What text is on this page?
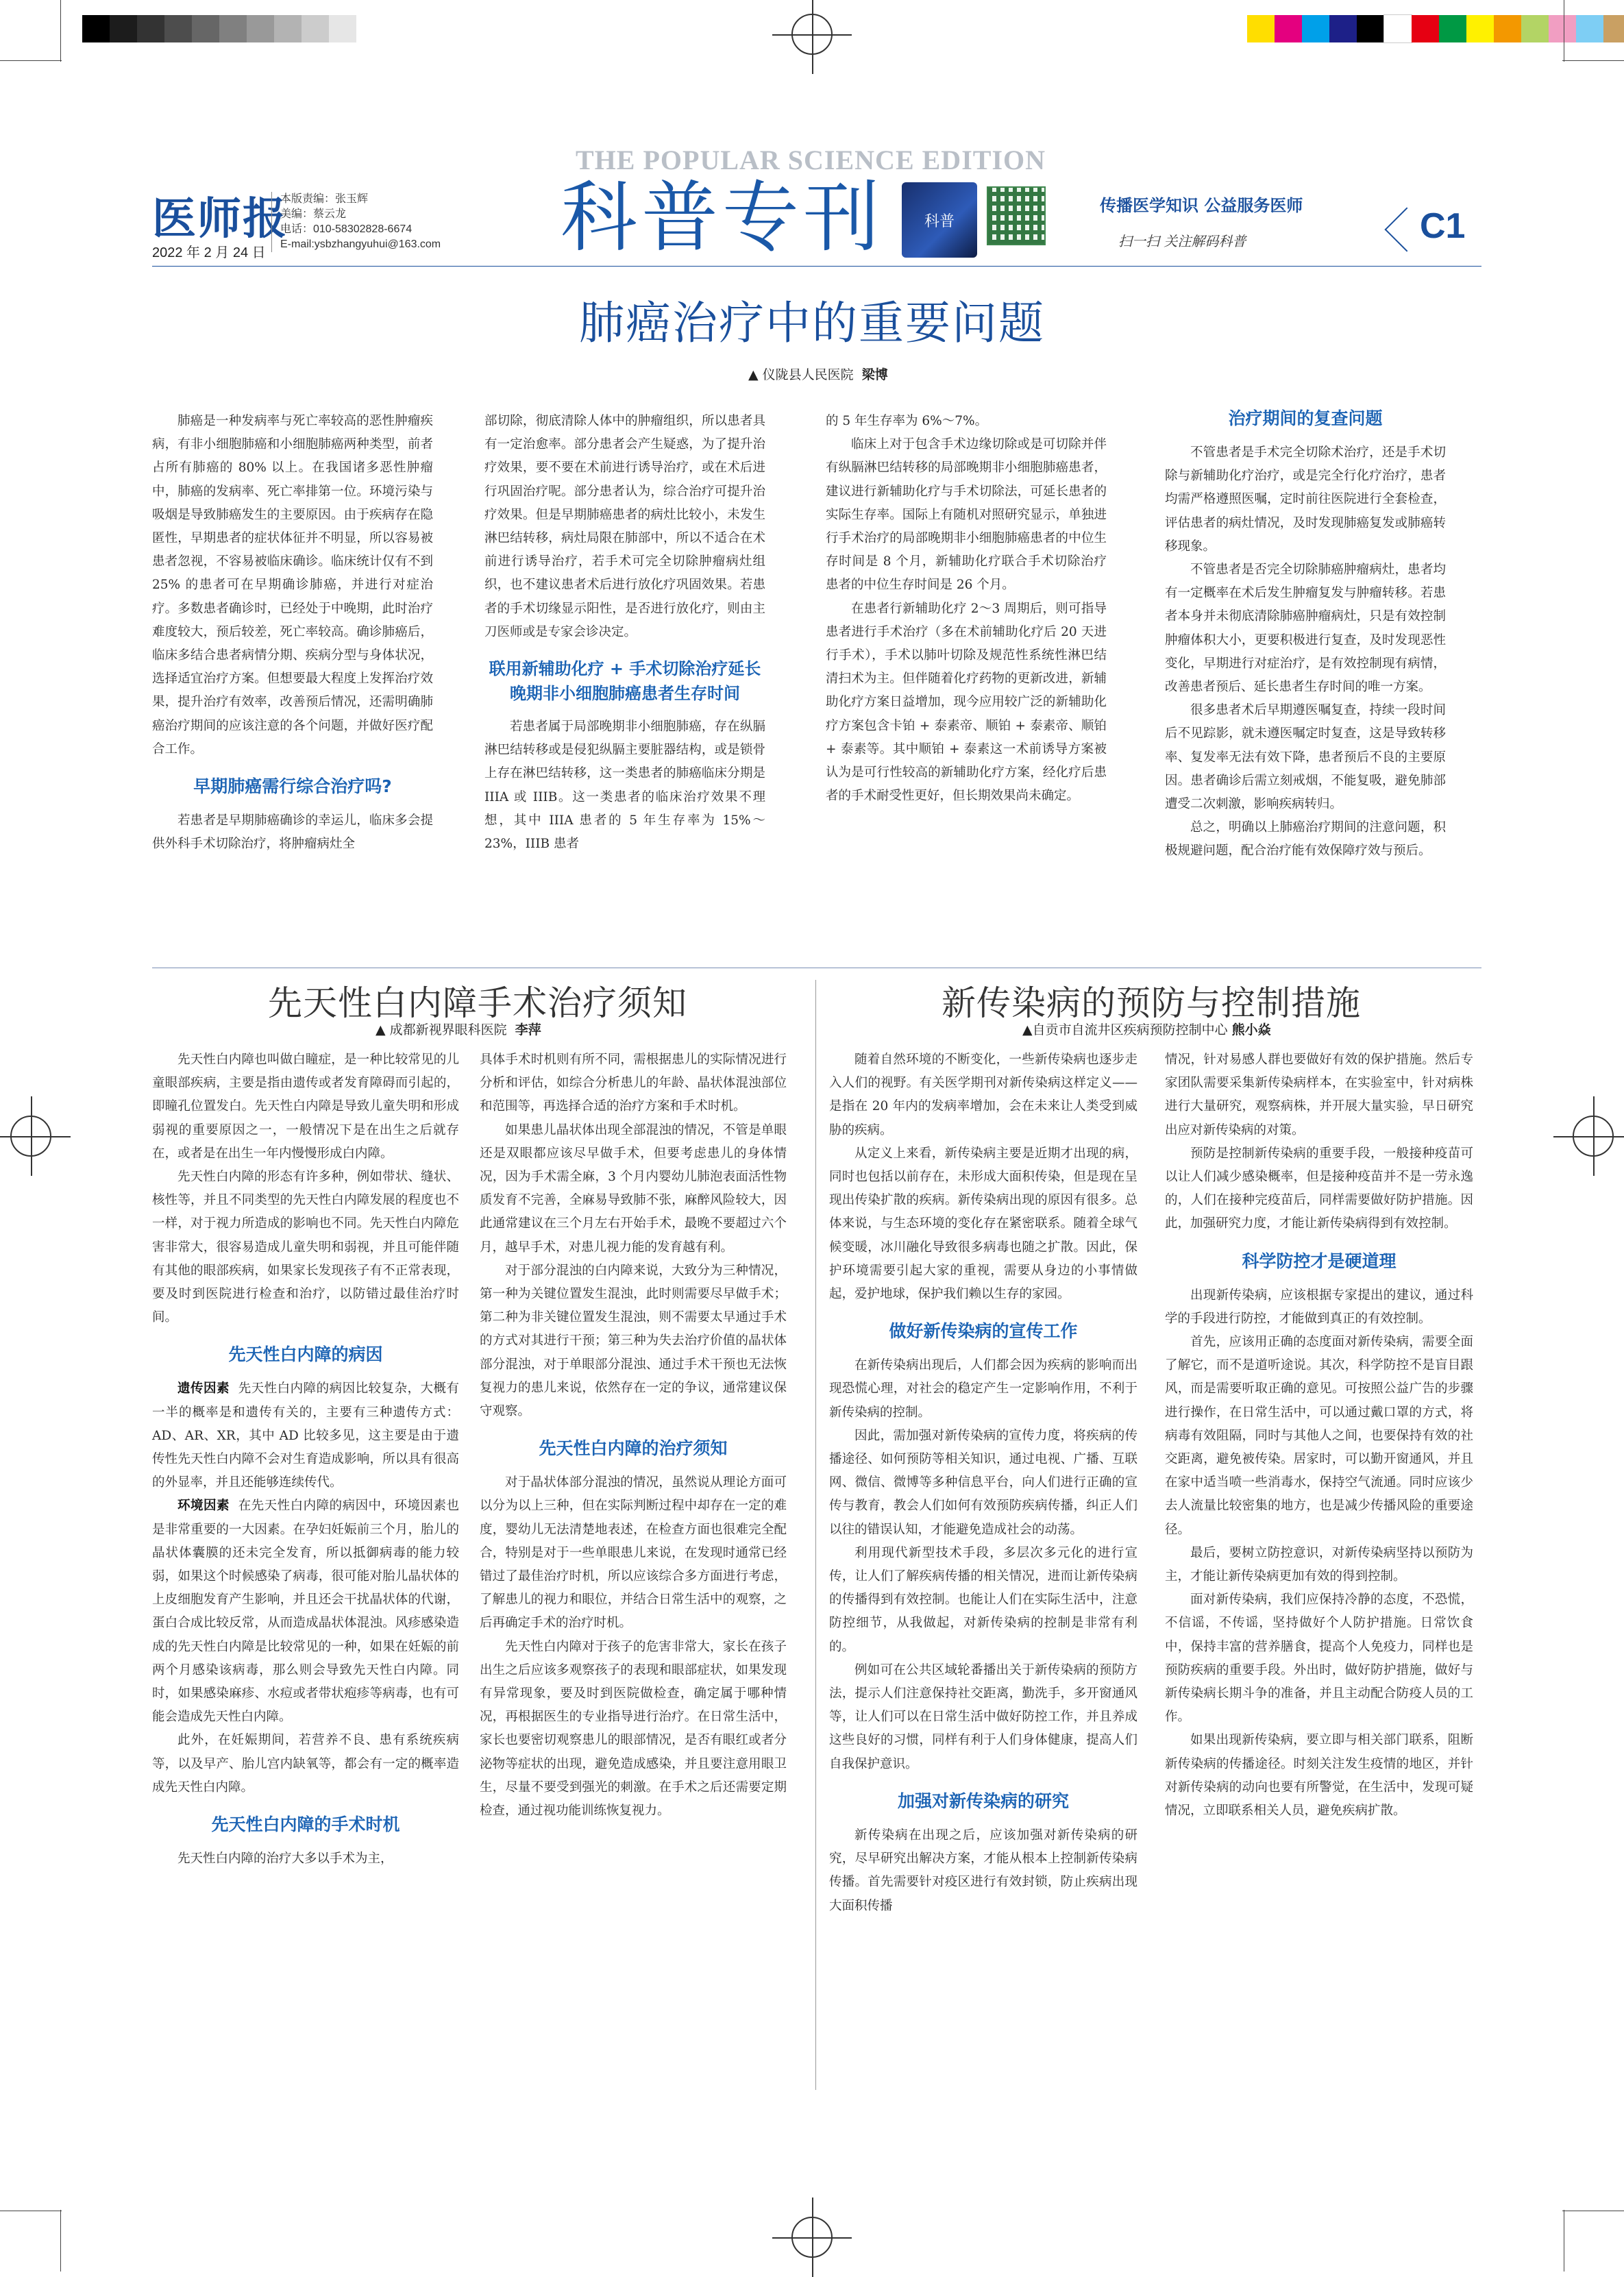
医师报
2022 年 2 月 24 日
本版责编：张玉辉
美编：蔡云龙
电话：010-58302828-6674
E-mail:ysbzhangyuhui@163.com
THE POPULAR SCIENCE EDITION
科普专刊	科普
传播医学知识 公益服务医师
扫一扫 关注解码科普	C1
肺癌治疗中的重要问题
▲ 仪陇县人民医院 梁博

肺癌是一种发病率与死亡率较高的恶性肿瘤疾病，有非小细胞肺癌和小细胞肺癌两种类型，前者占所有肺癌的 80% 以上。在我国诸多恶性肿瘤中，肺癌的发病率、死亡率排第一位。环境污染与吸烟是导致肺癌发生的主要原因。由于疾病存在隐匿性，早期患者的症状体征并不明显，所以容易被患者忽视，不容易被临床确诊。临床统计仅有不到 25% 的患者可在早期确诊肺癌，并进行对症治疗。多数患者确诊时，已经处于中晚期，此时治疗难度较大，预后较差，死亡率较高。确诊肺癌后，临床多结合患者病情分期、疾病分型与身体状况，选择适宜治疗方案。但想要最大程度上发挥治疗效果，提升治疗有效率，改善预后情况，还需明确肺癌治疗期间的应该注意的各个问题，并做好医疗配合工作。

早期肺癌需行综合治疗吗?

若患者是早期肺癌确诊的幸运儿，临床多会提供外科手术切除治疗，将肿瘤病灶全

部切除，彻底清除人体中的肿瘤组织，所以患者具有一定治愈率。部分患者会产生疑惑，为了提升治疗效果，要不要在术前进行诱导治疗，或在术后进行巩固治疗呢。部分患者认为，综合治疗可提升治疗效果。但是早期肺癌患者的病灶比较小，未发生淋巴结转移，病灶局限在肺部中，所以不适合在术前进行诱导治疗，若手术可完全切除肿瘤病灶组织，也不建议患者术后进行放化疗巩固效果。若患者的手术切缘显示阳性，是否进行放化疗，则由主刀医师或是专家会诊决定。

联用新辅助化疗 + 手术切除治疗延长晚期非小细胞肺癌患者生存时间

若患者属于局部晚期非小细胞肺癌，存在纵膈淋巴结转移或是侵犯纵膈主要脏器结构，或是锁骨上存在淋巴结转移，这一类患者的肺癌临床分期是 IIIA 或 IIIB。这一类患者的临床治疗效果不理想，其中 IIIA 患者的 5 年生存率为 15%～23%，IIIB 患者

的 5 年生存率为 6%～7%。

临床上对于包含手术边缘切除或是可切除并伴有纵膈淋巴结转移的局部晚期非小细胞肺癌患者，建议进行新辅助化疗与手术切除法，可延长患者的实际生存率。国际上有随机对照研究显示，单独进行手术治疗的局部晚期非小细胞肺癌患者的中位生存时间是 8 个月，新辅助化疗联合手术切除治疗患者的中位生存时间是 26 个月。

在患者行新辅助化疗 2～3 周期后，则可指导患者进行手术治疗（多在术前辅助化疗后 20 天进行手术），手术以肺叶切除及规范性系统性淋巴结清扫术为主。但伴随着化疗药物的更新改进，新辅助化疗方案日益增加，现今应用较广泛的新辅助化疗方案包含卡铂 + 泰素帝、顺铂 + 泰素帝、顺铂 + 泰素等。其中顺铂 + 泰素这一术前诱导方案被认为是可行性较高的新辅助化疗方案，经化疗后患者的手术耐受性更好，但长期效果尚未确定。

治疗期间的复查问题

不管患者是手术完全切除术治疗，还是手术切除与新辅助化疗治疗，或是完全行化疗治疗，患者均需严格遵照医嘱，定时前往医院进行全套检查，评估患者的病灶情况，及时发现肺癌复发或肺癌转移现象。

不管患者是否完全切除肺癌肿瘤病灶，患者均有一定概率在术后发生肿瘤复发与肿瘤转移。若患者本身并未彻底清除肺癌肿瘤病灶，只是有效控制肿瘤体积大小，更要积极进行复查，及时发现恶性变化，早期进行对症治疗，是有效控制现有病情，改善患者预后、延长患者生存时间的唯一方案。

很多患者术后早期遵医嘱复查，持续一段时间后不见踪影，就未遵医嘱定时复查，这是导致转移率、复发率无法有效下降，患者预后不良的主要原因。患者确诊后需立刻戒烟，不能复吸，避免肺部遭受二次刺激，影响疾病转归。

总之，明确以上肺癌治疗期间的注意问题，积极规避问题，配合治疗能有效保障疗效与预后。

先天性白内障手术治疗须知
▲ 成都新视界眼科医院 李萍

先天性白内障也叫做白瞳症，是一种比较常见的儿童眼部疾病，主要是指由遗传或者发育障碍而引起的，即瞳孔位置发白。先天性白内障是导致儿童失明和形成弱视的重要原因之一，一般情况下是在出生之后就存在，或者是在出生一年内慢慢形成白内障。

先天性白内障的形态有许多种，例如带状、缝状、核性等，并且不同类型的先天性白内障发展的程度也不一样，对于视力所造成的影响也不同。先天性白内障危害非常大，很容易造成儿童失明和弱视，并且可能伴随有其他的眼部疾病，如果家长发现孩子有不正常表现，要及时到医院进行检查和治疗，以防错过最佳治疗时间。

先天性白内障的病因

遗传因素 先天性白内障的病因比较复杂，大概有一半的概率是和遗传有关的，主要有三种遗传方式：AD、AR、XR，其中 AD 比较多见，这主要是由于遗传性先天性白内障不会对生育造成影响，所以具有很高的外显率，并且还能够连续传代。

环境因素 在先天性白内障的病因中，环境因素也是非常重要的一大因素。在孕妇妊娠前三个月，胎儿的晶状体囊膜的还未完全发育，所以抵御病毒的能力较弱，如果这个时候感染了病毒，很可能对胎儿晶状体的上皮细胞发育产生影响，并且还会干扰晶状体的代谢，蛋白合成比较反常，从而造成晶状体混浊。风疹感染造成的先天性白内障是比较常见的一种，如果在妊娠的前两个月感染该病毒，那么则会导致先天性白内障。同时，如果感染麻疹、水痘或者带状疱疹等病毒，也有可能会造成先天性白内障。

此外，在妊娠期间，若营养不良、患有系统疾病等，以及早产、胎儿宫内缺氧等，都会有一定的概率造成先天性白内障。

先天性白内障的手术时机

先天性白内障的治疗大多以手术为主，

具体手术时机则有所不同，需根据患儿的实际情况进行分析和评估，如综合分析患儿的年龄、晶状体混浊部位和范围等，再选择合适的治疗方案和手术时机。

如果患儿晶状体出现全部混浊的情况，不管是单眼还是双眼都应该尽早做手术，但要考虑患儿的身体情况，因为手术需全麻，3 个月内婴幼儿肺泡表面活性物质发育不完善，全麻易导致肺不张，麻醉风险较大，因此通常建议在三个月左右开始手术，最晚不要超过六个月，越早手术，对患儿视力能的发育越有利。

对于部分混浊的白内障来说，大致分为三种情况，第一种为关键位置发生混浊，此时则需要尽早做手术；第二种为非关键位置发生混浊，则不需要太早通过手术的方式对其进行干预；第三种为失去治疗价值的晶状体部分混浊，对于单眼部分混浊、通过手术干预也无法恢复视力的患儿来说，依然存在一定的争议，通常建议保守观察。

先天性白内障的治疗须知

对于晶状体部分混浊的情况，虽然说从理论方面可以分为以上三种，但在实际判断过程中却存在一定的难度，婴幼儿无法清楚地表述，在检查方面也很难完全配合，特别是对于一些单眼患儿来说，在发现时通常已经错过了最佳治疗时机，所以应该综合多方面进行考虑，了解患儿的视力和眼位，并结合日常生活中的观察，之后再确定手术的治疗时机。

先天性白内障对于孩子的危害非常大，家长在孩子出生之后应该多观察孩子的表现和眼部症状，如果发现有异常现象，要及时到医院做检查，确定属于哪种情况，再根据医生的专业指导进行治疗。在日常生活中，家长也要密切观察患儿的眼部情况，是否有眼红或者分泌物等症状的出现，避免造成感染，并且要注意用眼卫生，尽量不要受到强光的刺激。在手术之后还需要定期检查，通过视功能训练恢复视力。

新传染病的预防与控制措施
▲自贡市自流井区疾病预防控制中心 熊小焱

随着自然环境的不断变化，一些新传染病也逐步走入人们的视野。有关医学期刊对新传染病这样定义——是指在 20 年内的发病率增加，会在未来让人类受到威胁的疾病。

从定义上来看，新传染病主要是近期才出现的病，同时也包括以前存在，未形成大面积传染，但是现在呈现出传染扩散的疾病。新传染病出现的原因有很多。总体来说，与生态环境的变化存在紧密联系。随着全球气候变暖，冰川融化导致很多病毒也随之扩散。因此，保护环境需要引起大家的重视，需要从身边的小事情做起，爱护地球，保护我们赖以生存的家园。

做好新传染病的宣传工作

在新传染病出现后，人们都会因为疾病的影响而出现恐慌心理，对社会的稳定产生一定影响作用，不利于新传染病的控制。

因此，需加强对新传染病的宣传力度，将疾病的传播途径、如何预防等相关知识，通过电视、广播、互联网、微信、微博等多种信息平台，向人们进行正确的宣传与教育，教会人们如何有效预防疾病传播，纠正人们以往的错误认知，才能避免造成社会的动荡。

利用现代新型技术手段，多层次多元化的进行宣传，让人们了解疾病传播的相关情况，进而让新传染病的传播得到有效控制。也能让人们在实际生活中，注意防控细节，从我做起，对新传染病的控制是非常有利的。

例如可在公共区域轮番播出关于新传染病的预防方法，提示人们注意保持社交距离，勤洗手，多开窗通风等，让人们可以在日常生活中做好防控工作，并且养成这些良好的习惯，同样有利于人们身体健康，提高人们自我保护意识。

加强对新传染病的研究

新传染病在出现之后，应该加强对新传染病的研究，尽早研究出解决方案，才能从根本上控制新传染病传播。首先需要针对疫区进行有效封锁，防止疾病出现大面积传播

情况，针对易感人群也要做好有效的保护措施。然后专家团队需要采集新传染病样本，在实验室中，针对病株进行大量研究，观察病株，并开展大量实验，早日研究出应对新传染病的对策。

预防是控制新传染病的重要手段，一般接种疫苗可以让人们减少感染概率，但是接种疫苗并不是一劳永逸的，人们在接种完疫苗后，同样需要做好防护措施。因此，加强研究力度，才能让新传染病得到有效控制。

科学防控才是硬道理

出现新传染病，应该根据专家提出的建议，通过科学的手段进行防控，才能做到真正的有效控制。

首先，应该用正确的态度面对新传染病，需要全面了解它，而不是道听途说。其次，科学防控不是盲目跟风，而是需要听取正确的意见。可按照公益广告的步骤进行操作，在日常生活中，可以通过戴口罩的方式，将病毒有效阻隔，同时与其他人之间，也要保持有效的社交距离，避免被传染。居家时，可以勤开窗通风，并且在家中适当喷一些消毒水，保持空气流通。同时应该少去人流量比较密集的地方，也是减少传播风险的重要途径。

最后，要树立防控意识，对新传染病坚持以预防为主，才能让新传染病更加有效的得到控制。

面对新传染病，我们应保持冷静的态度，不恐慌，不信谣，不传谣，坚持做好个人防护措施。日常饮食中，保持丰富的营养膳食，提高个人免疫力，同样也是预防疾病的重要手段。外出时，做好防护措施，做好与新传染病长期斗争的准备，并且主动配合防疫人员的工作。

如果出现新传染病，要立即与相关部门联系，阻断新传染病的传播途径。时刻关注发生疫情的地区，并针对新传染病的动向也要有所警觉，在生活中，发现可疑情况，立即联系相关人员，避免疾病扩散。
